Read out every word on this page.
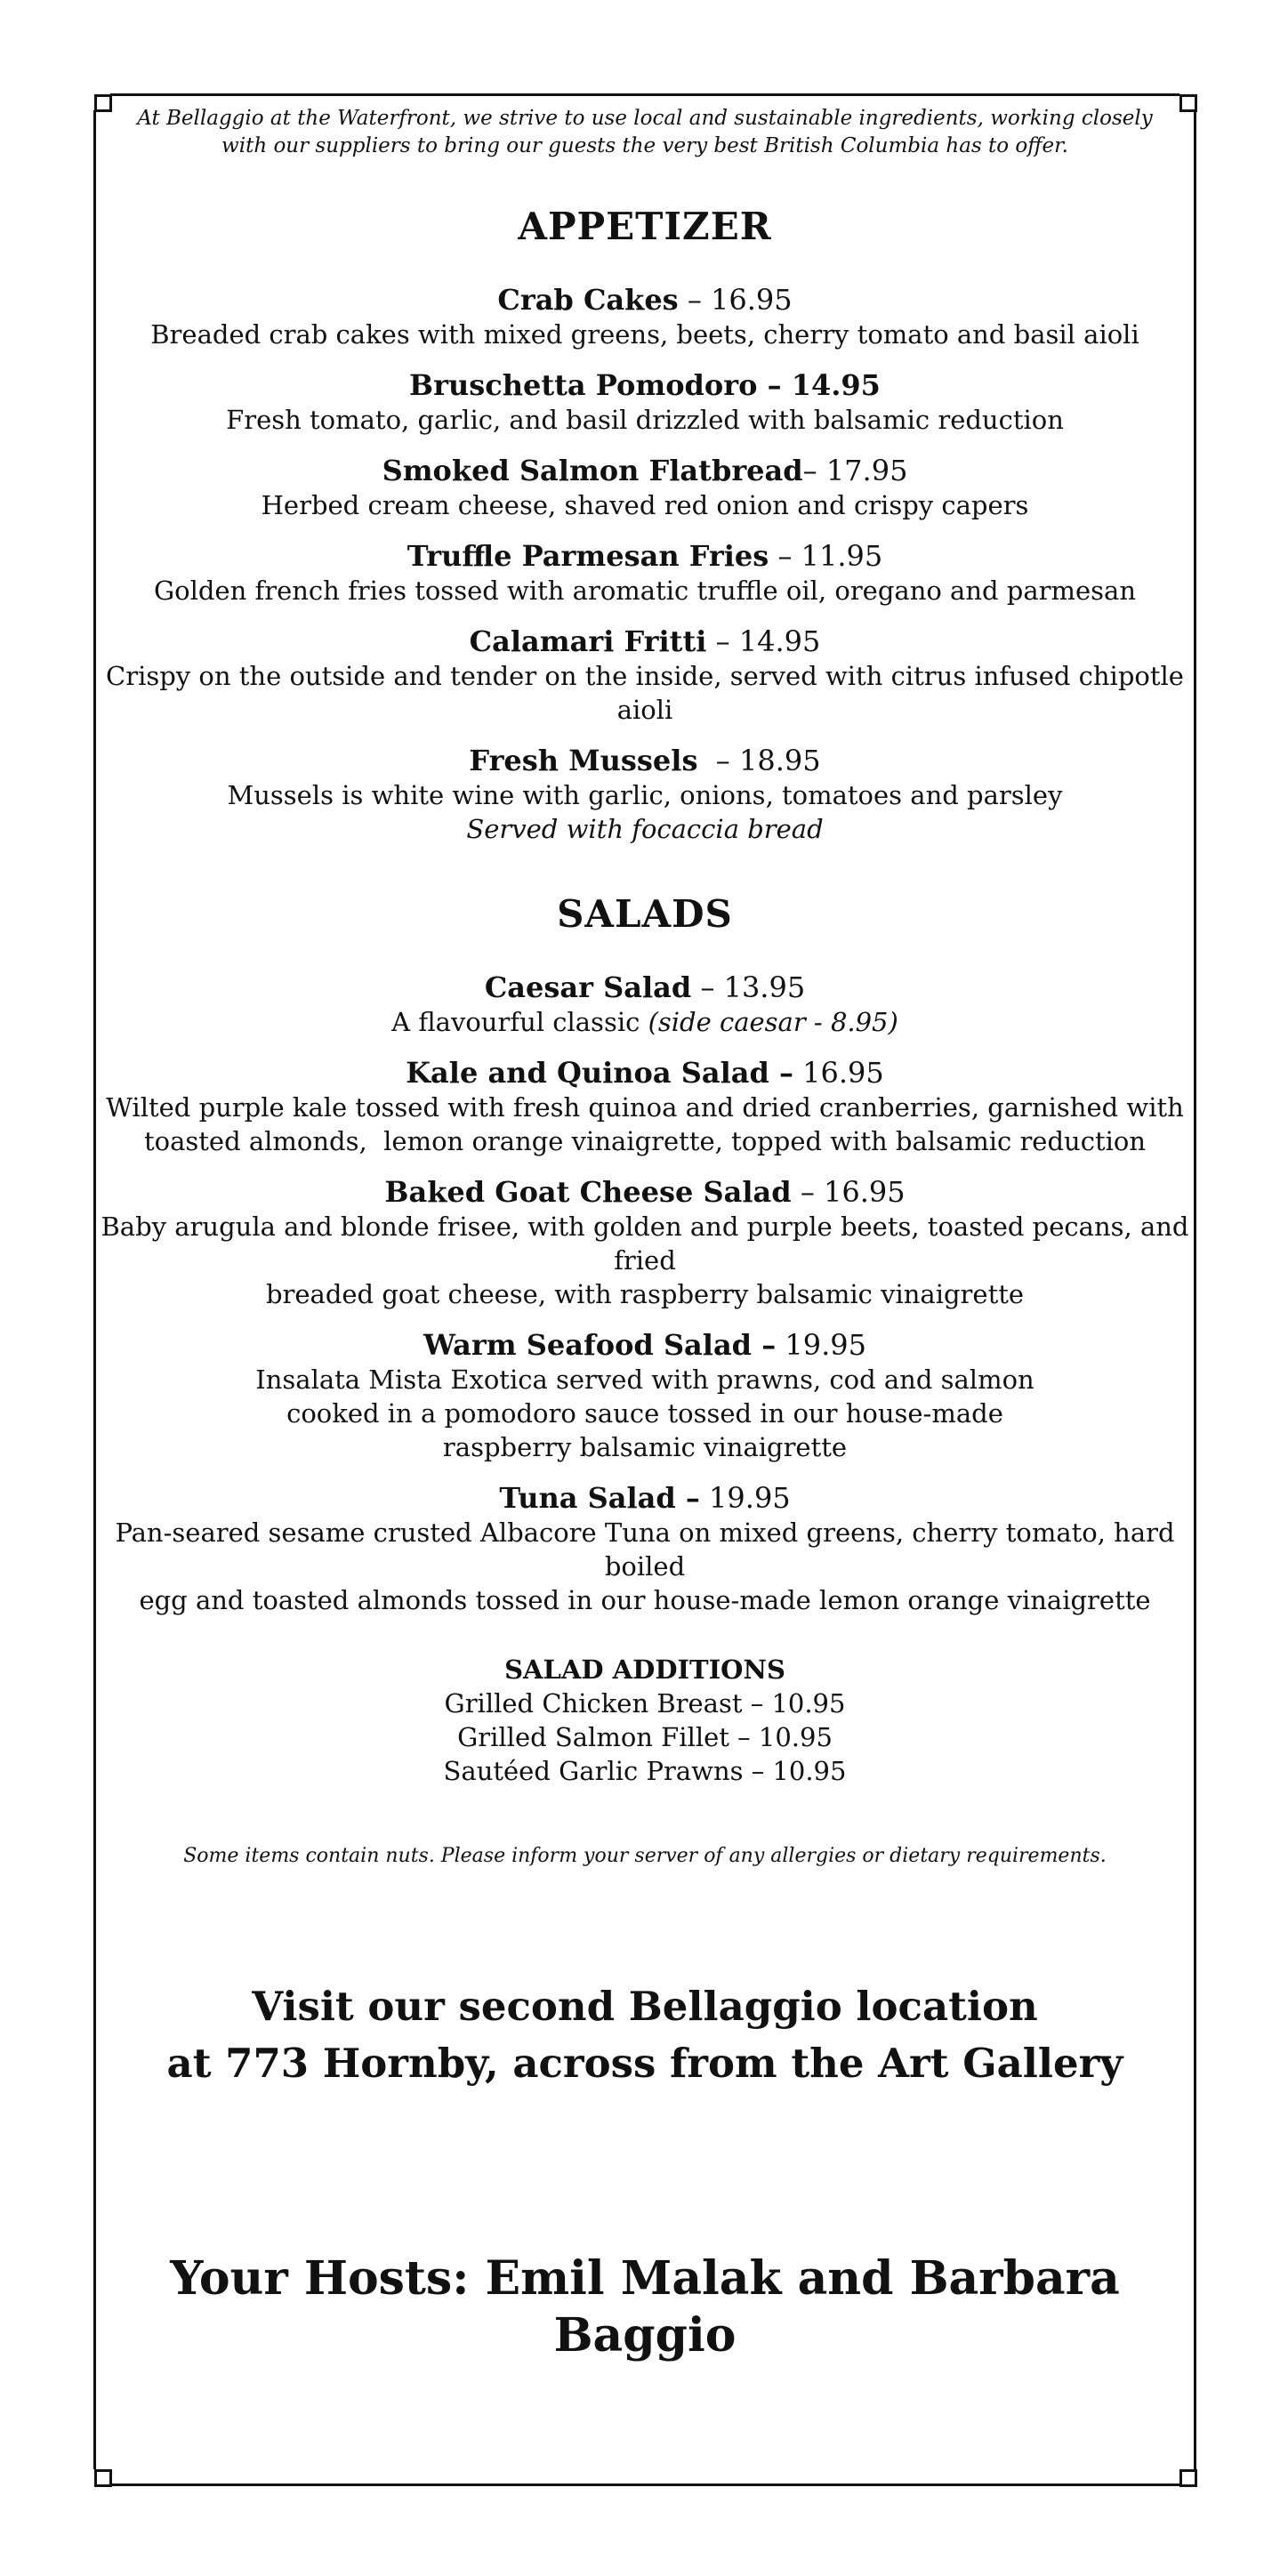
At Bellaggio at the Waterfront, we strive to use local and sustainable ingredients, working closely

with our suppliers to bring our guests the very best British Columbia has to offer.

APPETIZER

Crab Cakes – 16.95
Breaded crab cakes with mixed greens, beets, cherry tomato and basil aioli
Bruschetta Pomodoro – 14.95
Fresh tomato, garlic, and basil drizzled with balsamic reduction
Smoked Salmon Flatbread– 17.95
Herbed cream cheese, shaved red onion and crispy capers
Truffle Parmesan Fries – 11.95
Golden french fries tossed with aromatic truffle oil, oregano and parmesan
Calamari Fritti – 14.95
Crispy on the outside and tender on the inside, served with citrus infused chipotle aioli
Fresh Mussels  – 18.95
Mussels is white wine with garlic, onions, tomatoes and parsley
Served with focaccia bread

SALADS

Caesar Salad – 13.95
A flavourful classic (side caesar - 8.95)
Kale and Quinoa Salad – 16.95
Wilted purple kale tossed with fresh quinoa and dried cranberries, garnished with
toasted almonds,  lemon orange vinaigrette, topped with balsamic reduction
Baked Goat Cheese Salad – 16.95
Baby arugula and blonde frisee, with golden and purple beets, toasted pecans, and fried
breaded goat cheese, with raspberry balsamic vinaigrette
Warm Seafood Salad – 19.95
Insalata Mista Exotica served with prawns, cod and salmon
cooked in a pomodoro sauce tossed in our house-made
raspberry balsamic vinaigrette
Tuna Salad – 19.95
Pan-seared sesame crusted Albacore Tuna on mixed greens, cherry tomato, hard boiled
egg and toasted almonds tossed in our house-made lemon orange vinaigrette
SALAD ADDITIONS
Grilled Chicken Breast – 10.95
Grilled Salmon Fillet – 10.95
Sautéed Garlic Prawns – 10.95

Some items contain nuts. Please inform your server of any allergies or dietary requirements.

Visit our second Bellaggio location
at 773 Hornby, across from the Art Gallery
Your Hosts: Emil Malak and Barbara Baggio
